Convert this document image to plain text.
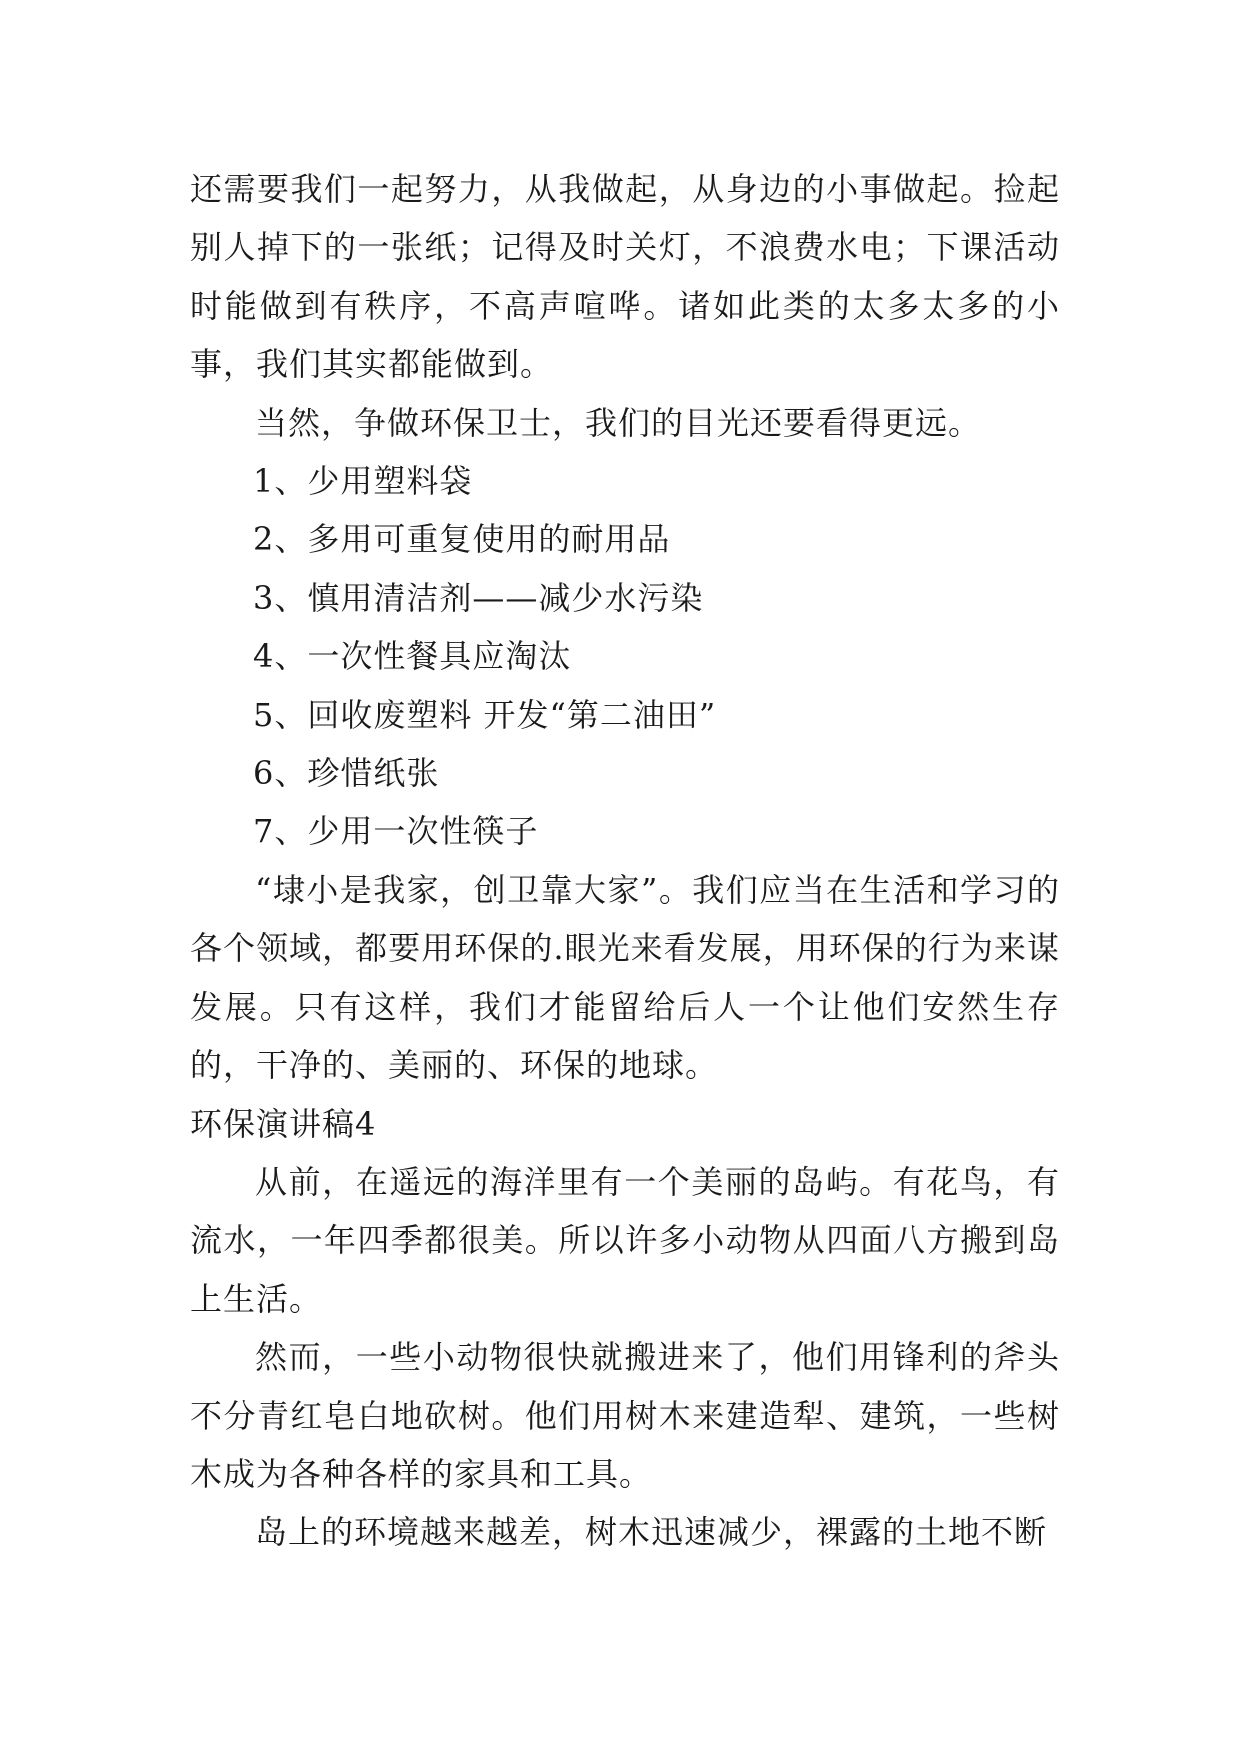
还需要我们一起努力，从我做起，从身边的小事做起。捡起别人掉下的一张纸；记得及时关灯，不浪费水电；下课活动时能做到有秩序，不高声喧哗。诸如此类的太多太多的小事，我们其实都能做到。

当然，争做环保卫士，我们的目光还要看得更远。

1、少用塑料袋

2、多用可重复使用的耐用品

3、慎用清洁剂——减少水污染

4、一次性餐具应淘汰

5、回收废塑料 开发“第二油田”

6、珍惜纸张

7、少用一次性筷子

“埭小是我家，创卫靠大家”。我们应当在生活和学习的各个领域，都要用环保的.眼光来看发展，用环保的行为来谋发展。只有这样，我们才能留给后人一个让他们安然生存的，干净的、美丽的、环保的地球。

环保演讲稿4

从前，在遥远的海洋里有一个美丽的岛屿。有花鸟，有流水，一年四季都很美。所以许多小动物从四面八方搬到岛上生活。

然而，一些小动物很快就搬进来了，他们用锋利的斧头不分青红皂白地砍树。他们用树木来建造犁、建筑，一些树木成为各种各样的家具和工具。

岛上的环境越来越差，树木迅速减少，裸露的土地不断
